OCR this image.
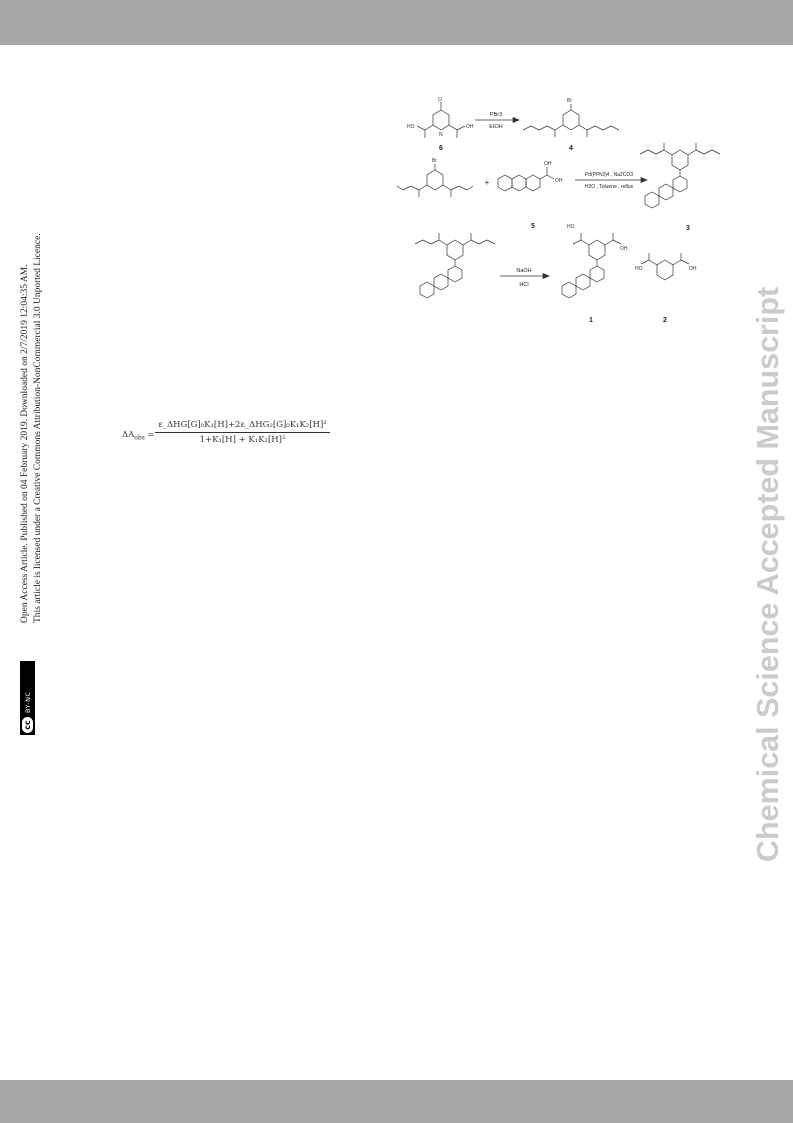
cc
BY-NC
Open Access Article. Published on 04 February 2019. Downloaded on 2/7/2019 12:04:35 AM. This article is licensed under a Creative Commons Attribution-NonCommercial 3.0 Unported Licence.	Chemical Science Accepted Manuscript
O
HO	OH
N
Br
Br	OH
OH
HO
OH
HO	OH
PBr3
EtOH
Pd(PPh3)4 , Na2CO3
H2O , Toluene , reflux
NaOH
HCl
+
6	4
5	3
1	2
$\Delta A_{obs}$ =
ε_ΔHG[G]₀K₁[H]+2ε_ΔHG₂[G]₀K₁K₂[H]²
1+K₁[H] + K₁K₂[H]²
